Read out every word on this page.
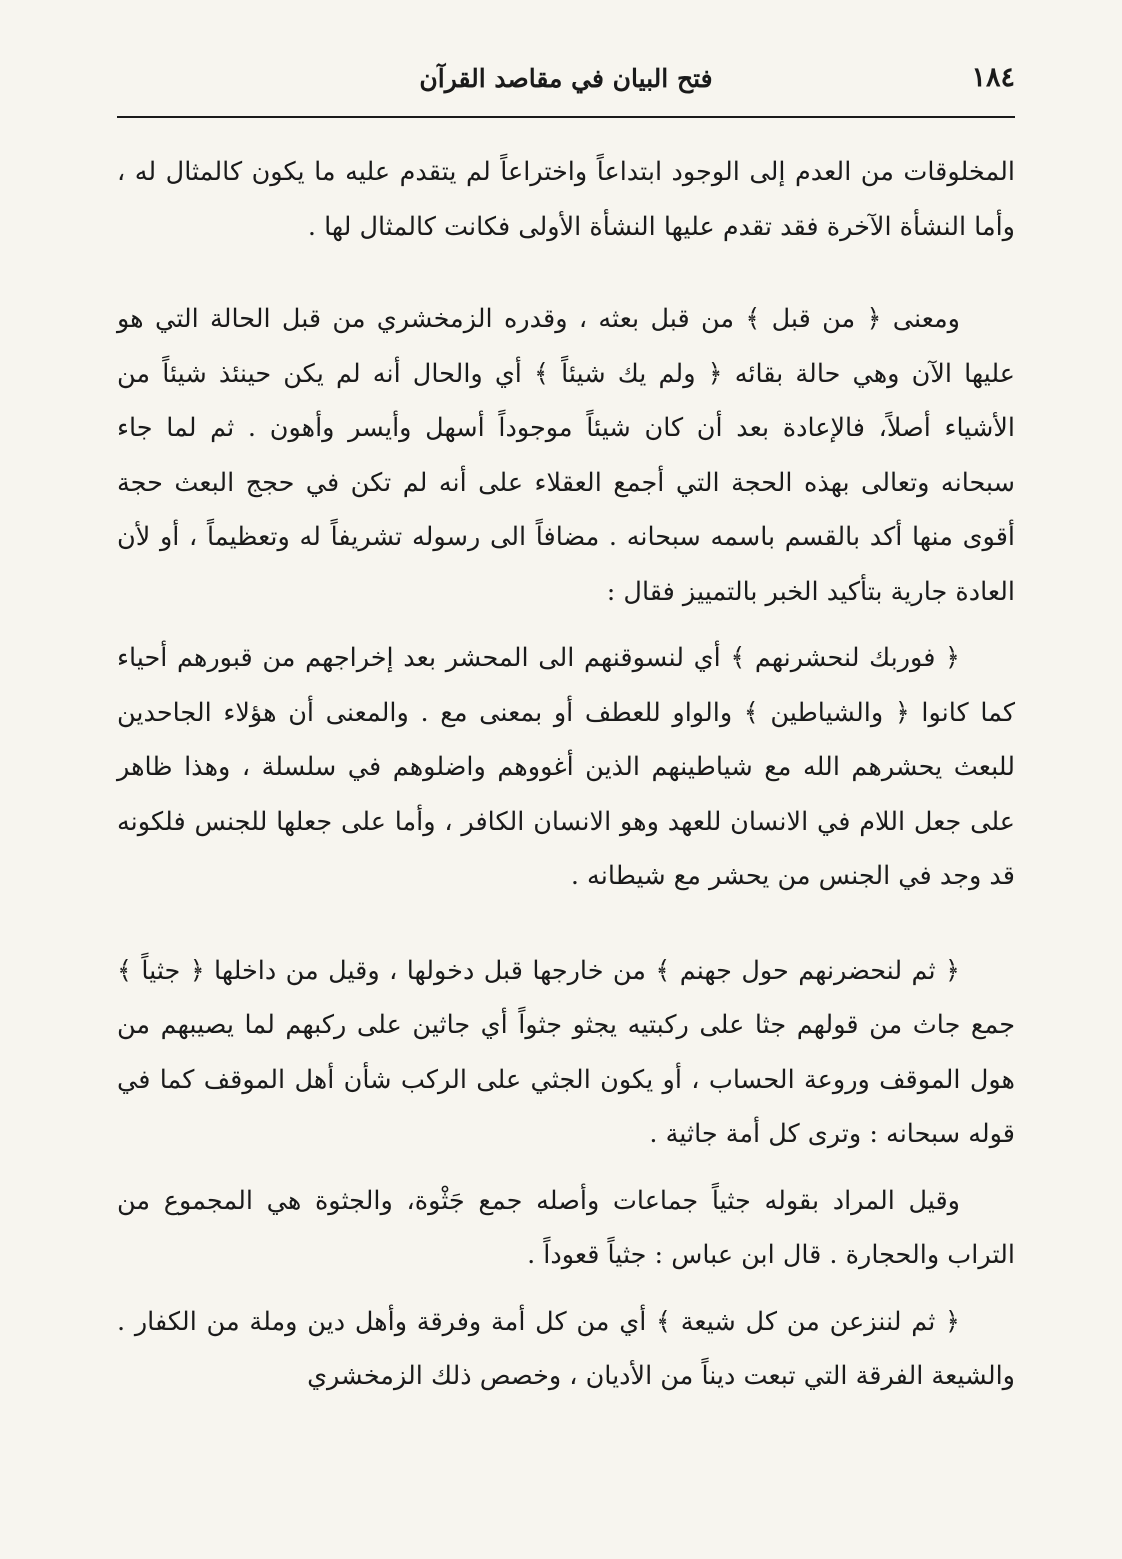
١٨٤
فتح البيان في مقاصد القرآن

المخلوقات من العدم إلى الوجود ابتداعاً واختراعاً لم يتقدم عليه ما يكون كالمثال له ، وأما النشأة الآخرة فقد تقدم عليها النشأة الأولى فكانت كالمثال لها .

ومعنى ﴿ من قبل ﴾ من قبل بعثه ، وقدره الزمخشري من قبل الحالة التي هو عليها الآن وهي حالة بقائه ﴿ ولم يك شيئاً ﴾ أي والحال أنه لم يكن حينئذ شيئاً من الأشياء أصلاً، فالإعادة بعد أن كان شيئاً موجوداً أسهل وأيسر وأهون . ثم لما جاء سبحانه وتعالى بهذه الحجة التي أجمع العقلاء على أنه لم تكن في حجج البعث حجة أقوى منها أكد بالقسم باسمه سبحانه . مضافاً الى رسوله تشريفاً له وتعظيماً ، أو لأن العادة جارية بتأكيد الخبر بالتمييز فقال :

﴿ فوربك لنحشرنهم ﴾ أي لنسوقنهم الى المحشر بعد إخراجهم من قبورهم أحياء كما كانوا ﴿ والشياطين ﴾ والواو للعطف أو بمعنى مع . والمعنى أن هؤلاء الجاحدين للبعث يحشرهم الله مع شياطينهم الذين أغووهم واضلوهم في سلسلة ، وهذا ظاهر على جعل اللام في الانسان للعهد وهو الانسان الكافر ، وأما على جعلها للجنس فلكونه قد وجد في الجنس من يحشر مع شيطانه .

﴿ ثم لنحضرنهم حول جهنم ﴾ من خارجها قبل دخولها ، وقيل من داخلها ﴿ جثياً ﴾ جمع جاث من قولهم جثا على ركبتيه يجثو جثواً أي جاثين على ركبهم لما يصيبهم من هول الموقف وروعة الحساب ، أو يكون الجثي على الركب شأن أهل الموقف كما في قوله سبحانه : وترى كل أمة جاثية .

وقيل المراد بقوله جثياً جماعات وأصله جمع جَثْوة، والجثوة هي المجموع من التراب والحجارة . قال ابن عباس : جثياً قعوداً .

﴿ ثم لننزعن من كل شيعة ﴾ أي من كل أمة وفرقة وأهل دين وملة من الكفار . والشيعة الفرقة التي تبعت ديناً من الأديان ، وخصص ذلك الزمخشري
